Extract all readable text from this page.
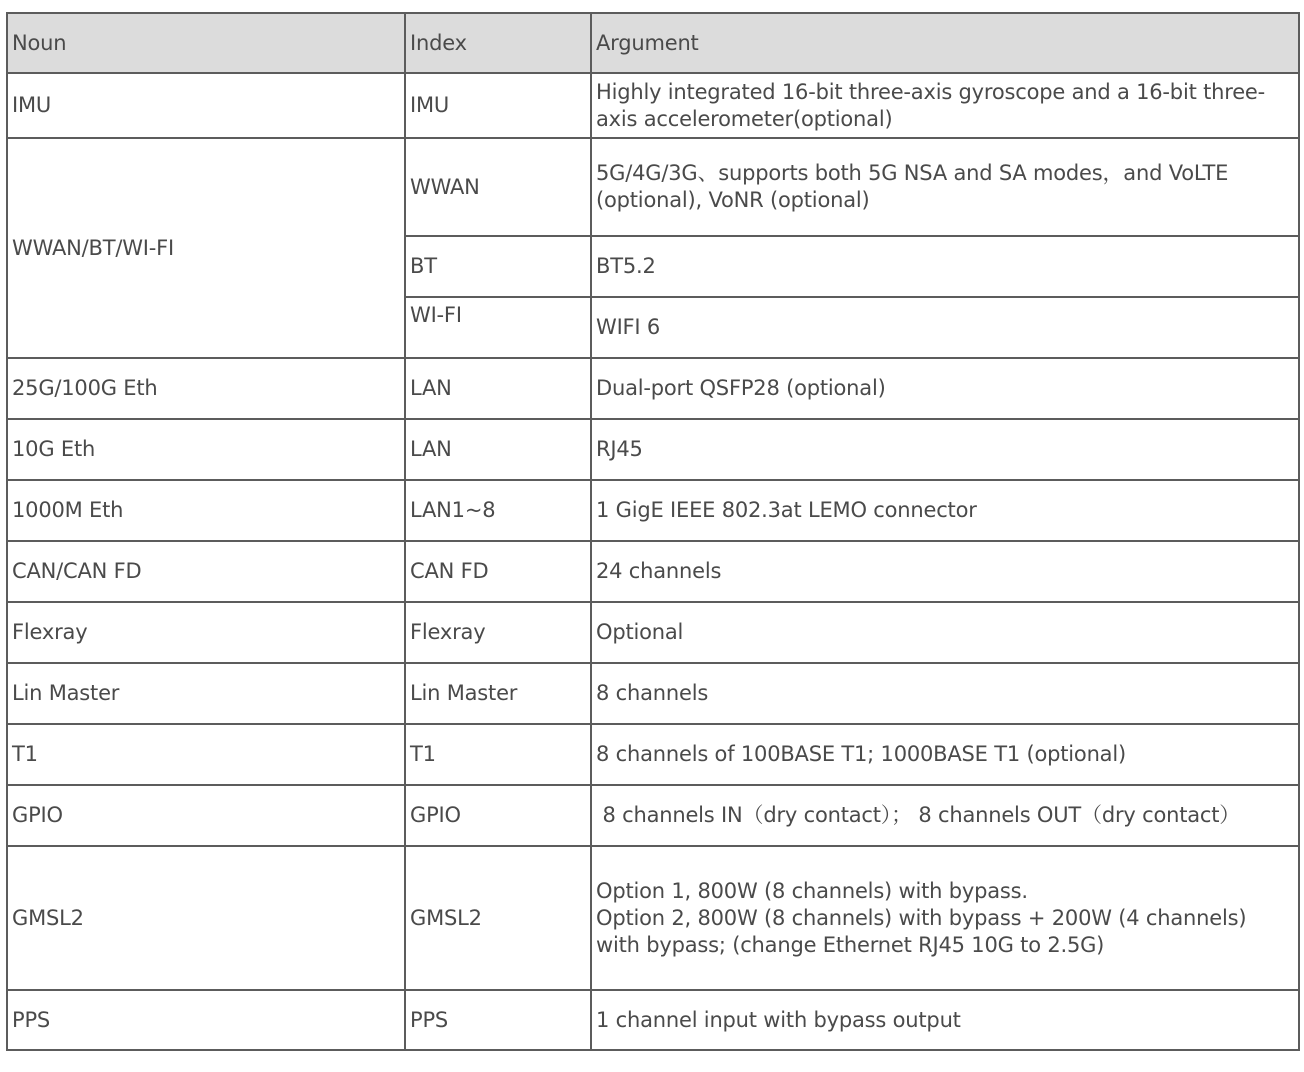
Noun	Index	Argument
IMU	IMU	Highly integrated 16-bit three-axis gyroscope and a 16-bit three-axis accelerometer(optional)
WWAN/BT/WI-FI	WWAN	5G/4G/3G、supports both 5G NSA and SA modes，and VoLTE (optional), VoNR (optional)
	BT	BT5.2
	WI-FI	WIFI 6
25G/100G Eth	LAN	Dual-port QSFP28 (optional)
10G Eth	LAN	RJ45
1000M Eth	LAN1~8	1 GigE IEEE 802.3at LEMO connector
CAN/CAN FD	CAN FD	24 channels
Flexray	Flexray	Optional
Lin Master	Lin Master	8 channels
T1	T1	8 channels of 100BASE T1; 1000BASE T1 (optional)
GPIO	GPIO	8 channels IN（dry contact）； 8 channels OUT（dry contact）
GMSL2	GMSL2	Option 1, 800W (8 channels) with bypass.
Option 2, 800W (8 channels) with bypass + 200W (4 channels) with bypass; (change Ethernet RJ45 10G to 2.5G)
PPS	PPS	1 channel input with bypass output
